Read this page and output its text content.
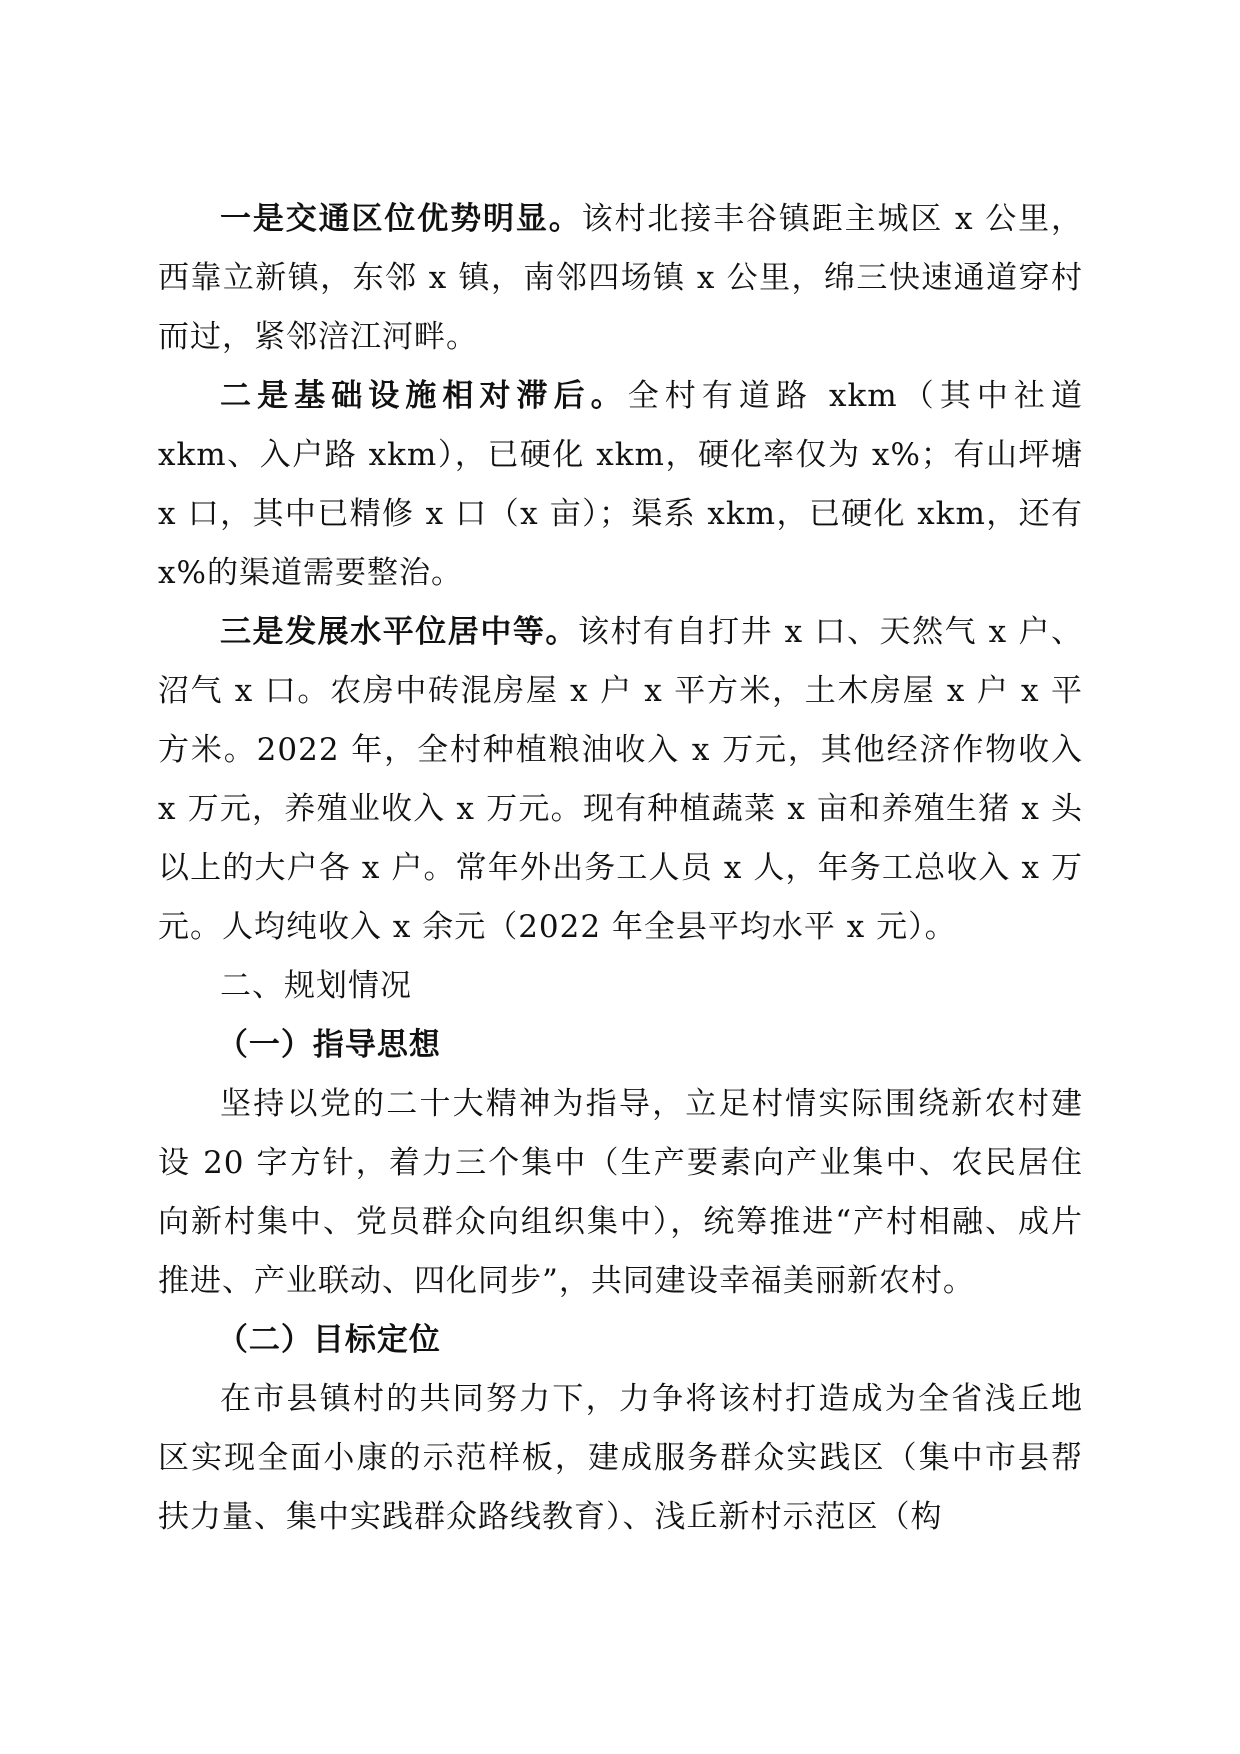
一是交通区位优势明显。该村北接丰谷镇距主城区 x 公里，西靠立新镇，东邻 x 镇，南邻四场镇 x 公里，绵三快速通道穿村而过，紧邻涪江河畔。

二是基础设施相对滞后。全村有道路 xkm（其中社道 xkm、入户路 xkm），已硬化 xkm，硬化率仅为 x%；有山坪塘 x 口，其中已精修 x 口（x 亩）；渠系 xkm，已硬化 xkm，还有 x%的渠道需要整治。

三是发展水平位居中等。该村有自打井 x 口、天然气 x 户、沼气 x 口。农房中砖混房屋 x 户 x 平方米，土木房屋 x 户 x 平方米。2022 年，全村种植粮油收入 x 万元，其他经济作物收入 x 万元，养殖业收入 x 万元。现有种植蔬菜 x 亩和养殖生猪 x 头以上的大户各 x 户。常年外出务工人员 x 人，年务工总收入 x 万元。人均纯收入 x 余元（2022 年全县平均水平 x 元）。

二、规划情况

（一）指导思想

坚持以党的二十大精神为指导，立足村情实际围绕新农村建设 20 字方针，着力三个集中（生产要素向产业集中、农民居住向新村集中、党员群众向组织集中），统筹推进“产村相融、成片推进、产业联动、四化同步”，共同建设幸福美丽新农村。

（二）目标定位

在市县镇村的共同努力下，力争将该村打造成为全省浅丘地区实现全面小康的示范样板，建成服务群众实践区（集中市县帮扶力量、集中实践群众路线教育）、浅丘新村示范区（构
